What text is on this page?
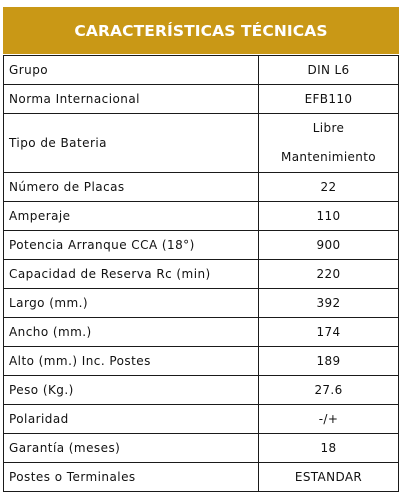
CARACTERÍSTICAS TÉCNICAS
Grupo	DIN L6
Norma Internacional	EFB110
Tipo de Bateria	Libre
Mantenimiento

Número de Placas	22
Amperaje	110
Potencia Arranque CCA (18°)	900
Capacidad de Reserva Rc (min)	220
Largo (mm.)	392
Ancho (mm.)	174
Alto (mm.) Inc. Postes	189
Peso (Kg.)	27.6
Polaridad	-/+
Garantía (meses)	18
Postes o Terminales	ESTANDAR
